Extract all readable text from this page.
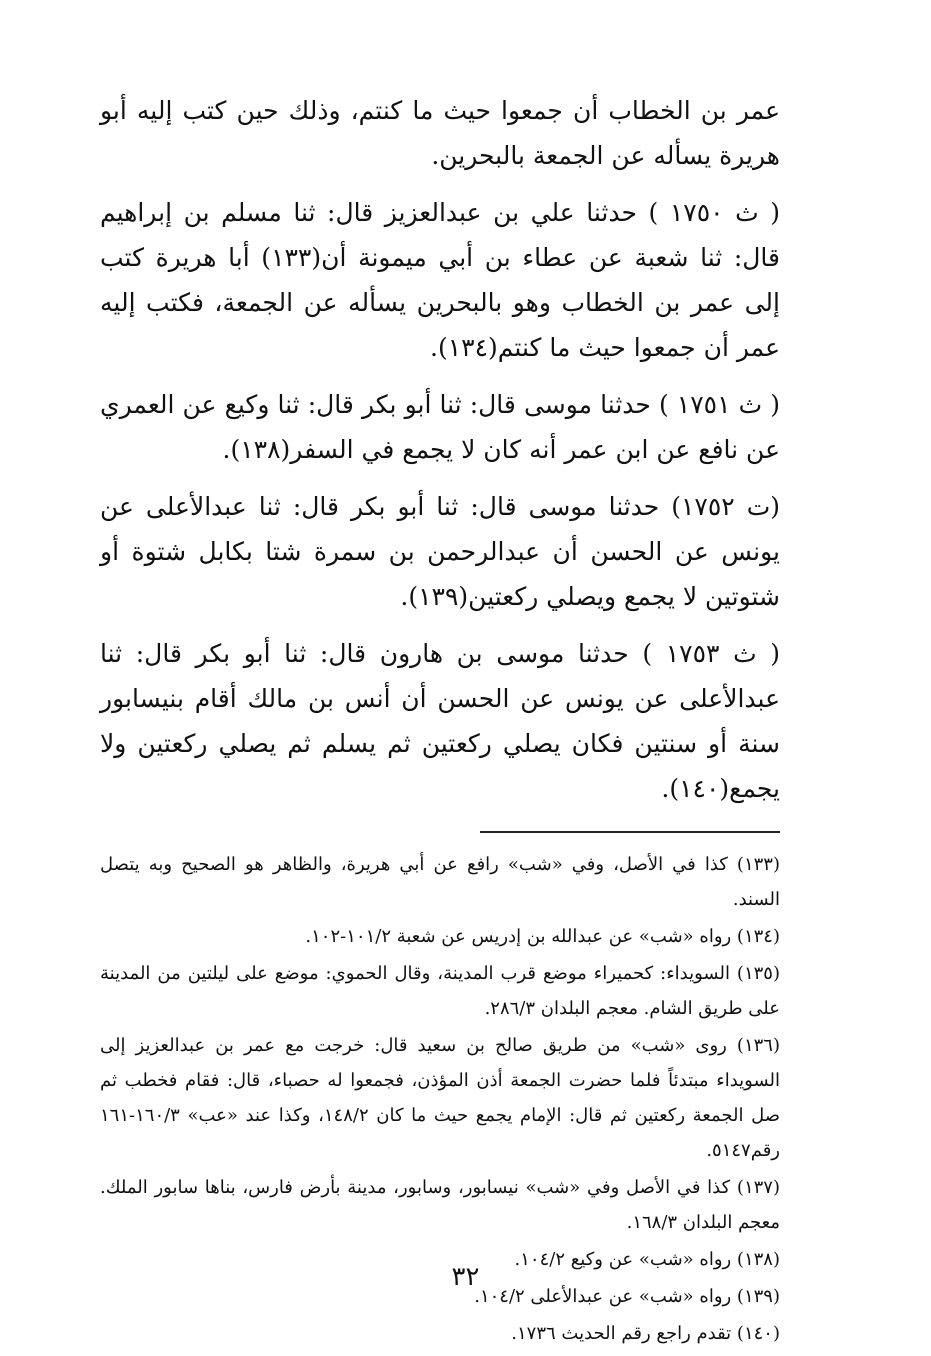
عمر بن الخطاب أن جمعوا حيث ما كنتم، وذلك حين كتب إليه أبو هريرة يسأله عن الجمعة بالبحرين.

( ث ١٧٥٠ ) حدثنا علي بن عبدالعزيز قال: ثنا مسلم بن إبراهيم قال: ثنا شعبة عن عطاء بن أبي ميمونة أن(١٣٣) أبا هريرة كتب إلى عمر بن الخطاب وهو بالبحرين يسأله عن الجمعة، فكتب إليه عمر أن جمعوا حيث ما كنتم(١٣٤).

( ث ١٧٥١ ) حدثنا موسى قال: ثنا أبو بكر قال: ثنا وكيع عن العمري عن نافع عن ابن عمر أنه كان لا يجمع في السفر(١٣٨).

(ت ١٧٥٢) حدثنا موسى قال: ثنا أبو بكر قال: ثنا عبدالأعلى عن يونس عن الحسن أن عبدالرحمن بن سمرة شتا بكابل شتوة أو شتوتين لا يجمع ويصلي ركعتين(١٣٩).

( ث ١٧٥٣ ) حدثنا موسى بن هارون قال: ثنا أبو بكر قال: ثنا عبدالأعلى عن يونس عن الحسن أن أنس بن مالك أقام بنيسابور سنة أو سنتين فكان يصلي ركعتين ثم يسلم ثم يصلي ركعتين ولا يجمع(١٤٠).

(١٣٣) كذا في الأصل، وفي «شب» رافع عن أبي هريرة، والظاهر هو الصحيح وبه يتصل السند.

(١٣٤) رواه «شب» عن عبدالله بن إدريس عن شعبة ١٠١/٢-١٠٢.

(١٣٥) السويداء: كحميراء موضع قرب المدينة، وقال الحموي: موضع على ليلتين من المدينة على طريق الشام. معجم البلدان ٢٨٦/٣.

(١٣٦) روى «شب» من طريق صالح بن سعيد قال: خرجت مع عمر بن عبدالعزيز إلى السويداء مبتدئاً فلما حضرت الجمعة أذن المؤذن، فجمعوا له حصباء، قال: فقام فخطب ثم صل الجمعة ركعتين ثم قال: الإمام يجمع حيث ما كان ١٤٨/٢، وكذا عند «عب» ١٦٠/٣-١٦١ رقم٥١٤٧.

(١٣٧) كذا في الأصل وفي «شب» نيسابور، وسابور، مدينة بأرض فارس، بناها سابور الملك. معجم البلدان ١٦٨/٣.

(١٣٨) رواه «شب» عن وكيع ١٠٤/٢.

(١٣٩) رواه «شب» عن عبدالأعلى ١٠٤/٢.

(١٤٠) تقدم راجع رقم الحديث ١٧٣٦.

٣٢
